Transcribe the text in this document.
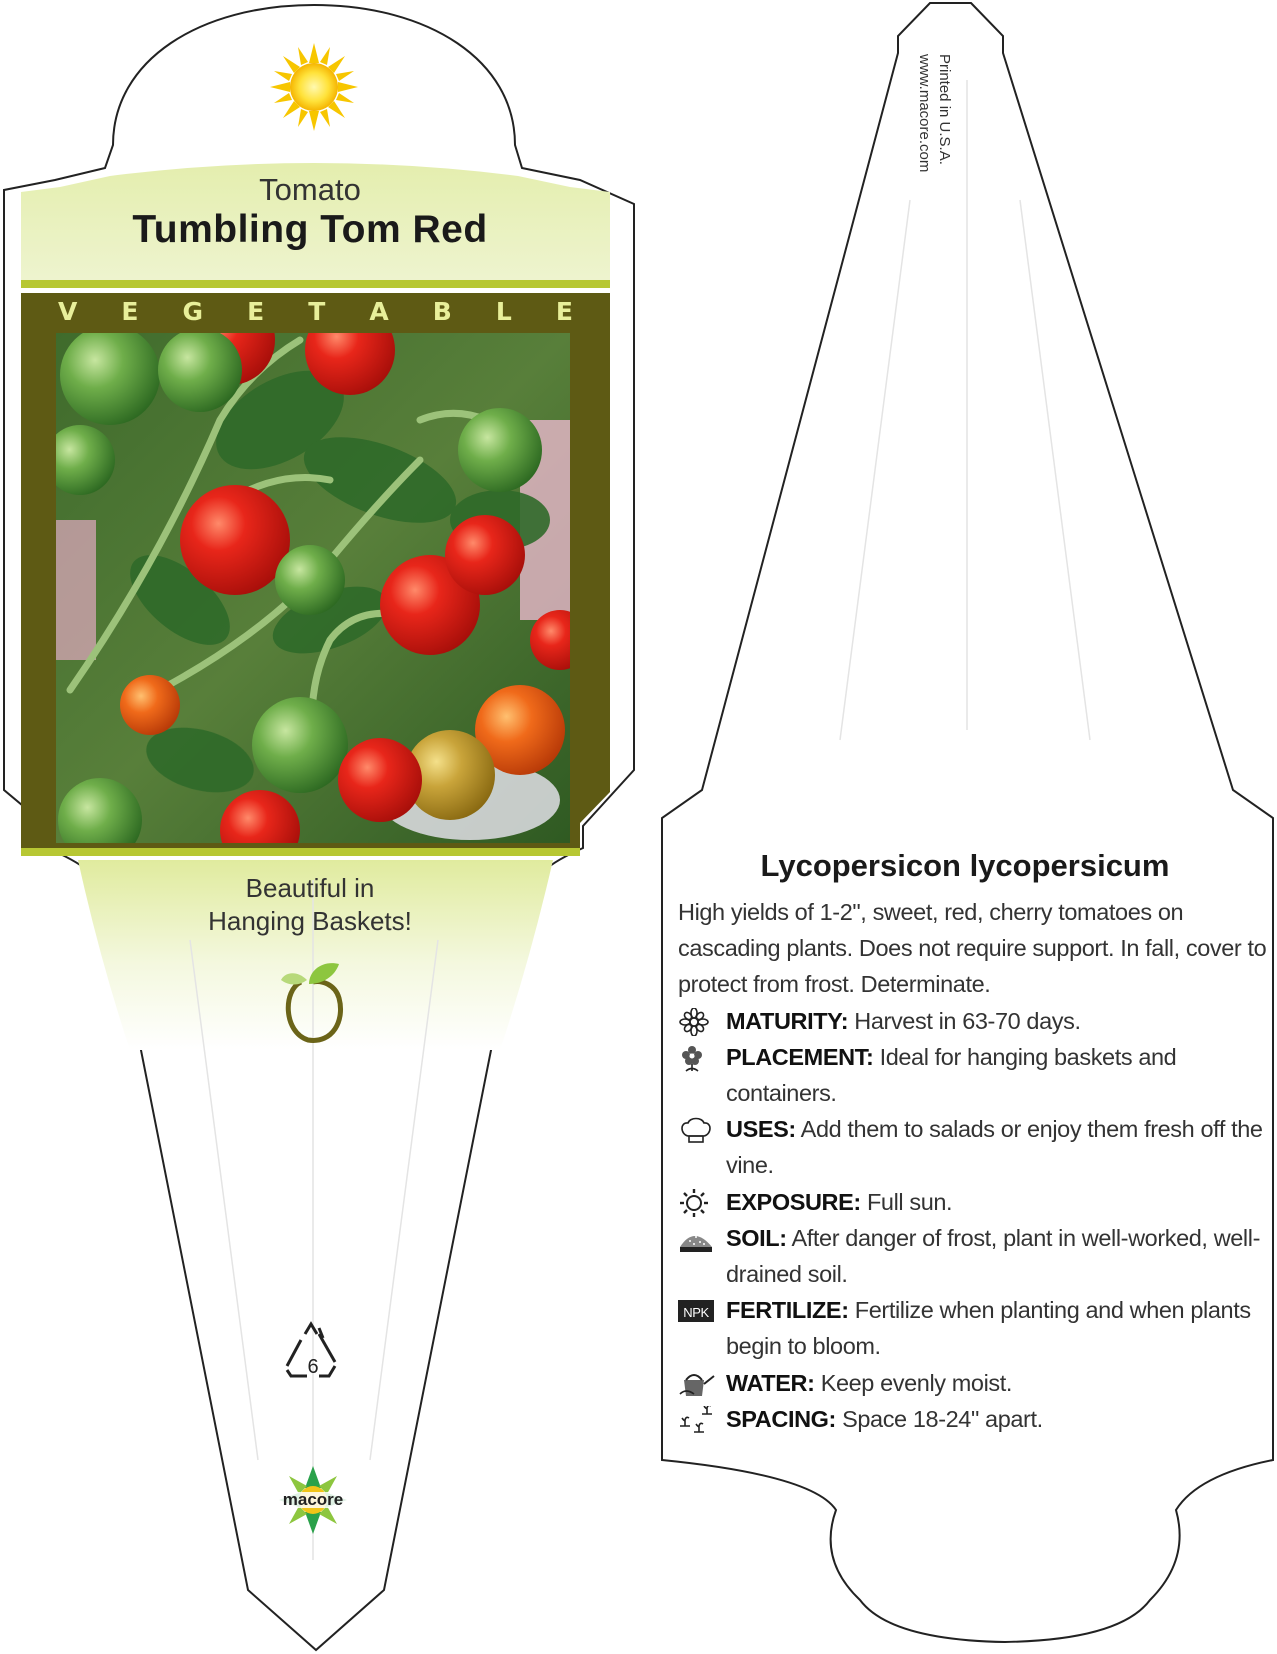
Tomato
Tumbling Tom Red
V E G E T A B L E
Beautiful in
Hanging Baskets!
6
macore
Printed in U.S.A.
www.macore.com
Lycopersicon lycopersicum

High yields of 1-2", sweet, red, cherry tomatoes on cascading plants. Does not require support. In fall, cover to protect from frost. Determinate.

MATURITY: Harvest in 63-70 days.
PLACEMENT: Ideal for hanging baskets and containers.
USES: Add them to salads or enjoy them fresh off the vine.
EXPOSURE: Full sun.
SOIL: After danger of frost, plant in well-worked, well-drained soil.
NPK FERTILIZE: Fertilize when planting and when plants begin to bloom.
WATER: Keep evenly moist.
SPACING: Space 18-24" apart.
